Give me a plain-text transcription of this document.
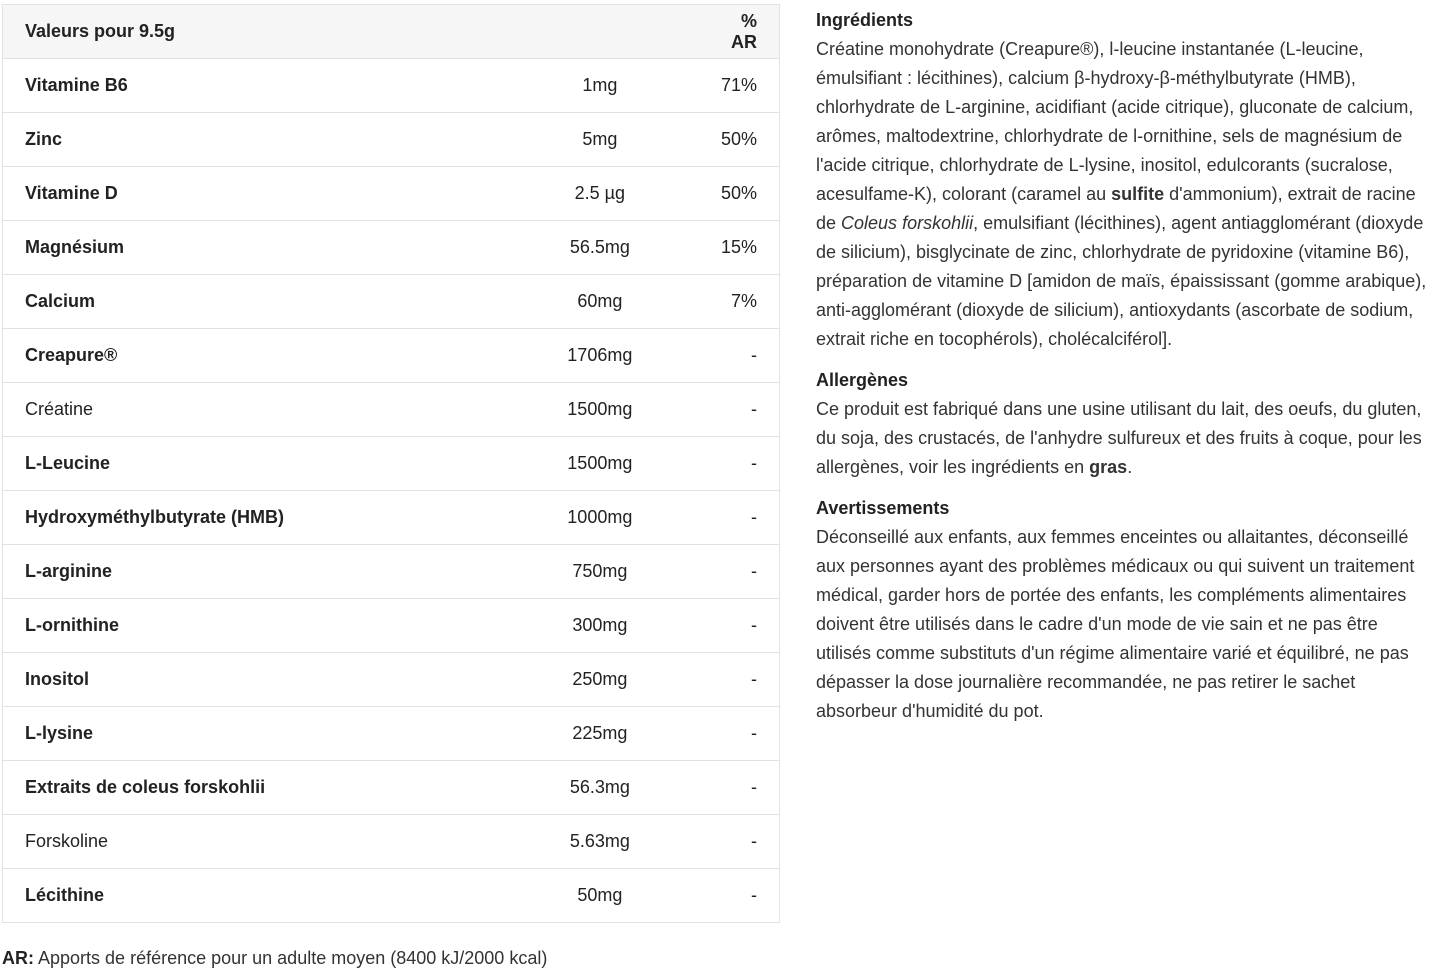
Valeurs pour 9.5g		% AR
Vitamine B6	1mg	71%
Zinc	5mg	50%
Vitamine D	2.5 µg	50%
Magnésium	56.5mg	15%
Calcium	60mg	7%
Creapure®	1706mg	-
Créatine	1500mg	-
L-Leucine	1500mg	-
Hydroxyméthylbutyrate (HMB)	1000mg	-
L-arginine	750mg	-
L-ornithine	300mg	-
Inositol	250mg	-
L-lysine	225mg	-
Extraits de coleus forskohlii	56.3mg	-
Forskoline	5.63mg	-
Lécithine	50mg	-
AR: Apports de référence pour un adulte moyen (8400 kJ/2000 kcal)

Ingrédients

Créatine monohydrate (Creapure®), l-leucine instantanée (L-leucine, émulsifiant : lécithines), calcium β-hydroxy-β-méthylbutyrate (HMB), chlorhydrate de L-arginine, acidifiant (acide citrique), gluconate de calcium, arômes, maltodextrine, chlorhydrate de l-ornithine, sels de magnésium de l'acide citrique, chlorhydrate de L-lysine, inositol, edulcorants (sucralose, acesulfame-K), colorant (caramel au sulfite d'ammonium), extrait de racine de Coleus forskohlii, emulsifiant (lécithines), agent antiagglomérant (dioxyde de silicium), bisglycinate de zinc, chlorhydrate de pyridoxine (vitamine B6), préparation de vitamine D [amidon de maïs, épaississant (gomme arabique), anti-agglomérant (dioxyde de silicium), antioxydants (ascorbate de sodium, extrait riche en tocophérols), cholécalciférol].

Allergènes

Ce produit est fabriqué dans une usine utilisant du lait, des oeufs, du gluten, du soja, des crustacés, de l'anhydre sulfureux et des fruits à coque, pour les allergènes, voir les ingrédients en gras.

Avertissements

Déconseillé aux enfants, aux femmes enceintes ou allaitantes, déconseillé aux personnes ayant des problèmes médicaux ou qui suivent un traitement médical, garder hors de portée des enfants, les compléments alimentaires doivent être utilisés dans le cadre d'un mode de vie sain et ne pas être utilisés comme substituts d'un régime alimentaire varié et équilibré, ne pas dépasser la dose journalière recommandée, ne pas retirer le sachet absorbeur d'humidité du pot.
